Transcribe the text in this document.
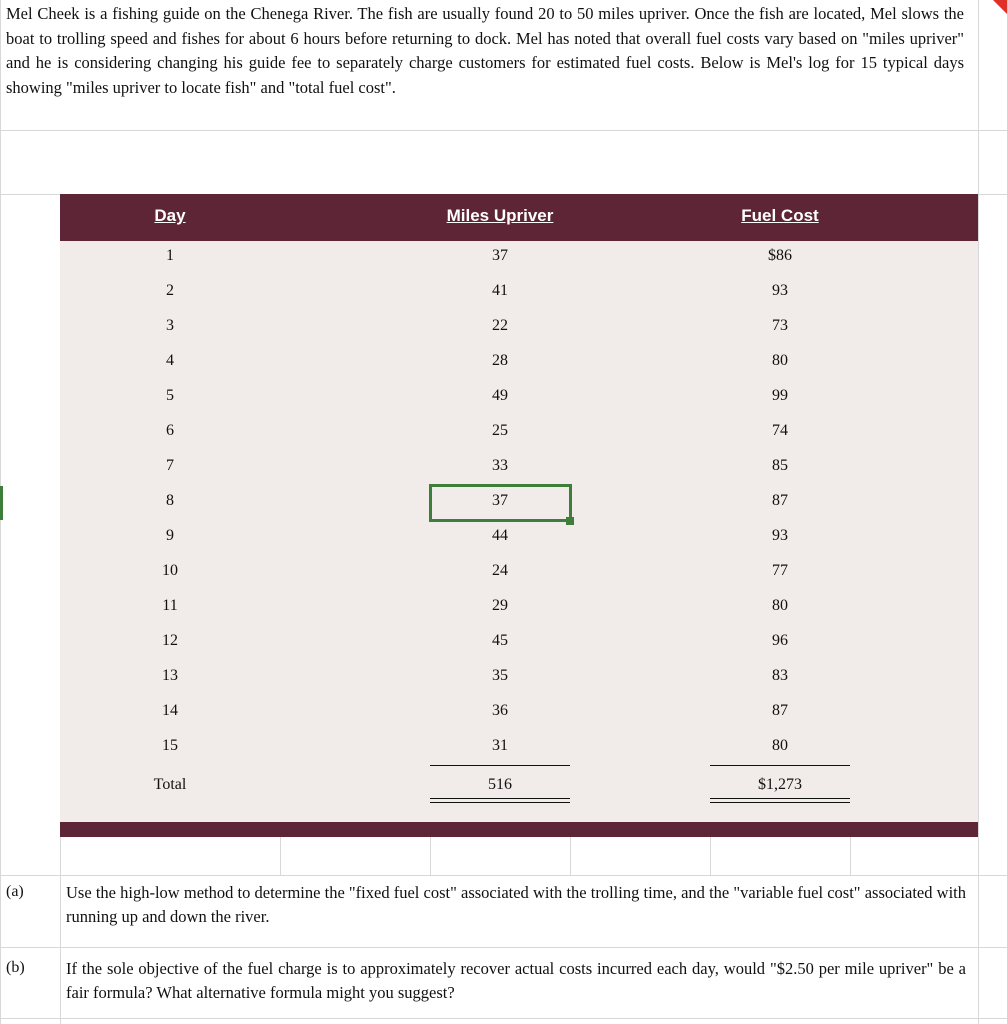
Mel Cheek is a fishing guide on the Chenega River. The fish are usually found 20 to 50 miles upriver. Once the fish are located, Mel slows the boat to trolling speed and fishes for about 6 hours before returning to dock. Mel has noted that overall fuel costs vary based on "miles upriver" and he is considering changing his guide fee to separately charge customers for estimated fuel costs. Below is Mel's log for 15 typical days showing "miles upriver to locate fish" and "total fuel cost".
Day	Miles Upriver	Fuel Cost
1	37	$86
2	41	93
3	22	73
4	28	80
5	49	99
6	25	74
7	33	85
8	37	87
9	44	93
10	24	77
11	29	80
12	45	96
13	35	83
14	36	87
15	31	80
Total	516	$1,273
(a)	Use the high-low method to determine the "fixed fuel cost" associated with the trolling time, and the "variable fuel cost" associated with running up and down the river.
(b)	If the sole objective of the fuel charge is to approximately recover actual costs incurred each day, would "$2.50 per mile upriver" be a fair formula? What alternative formula might you suggest?
